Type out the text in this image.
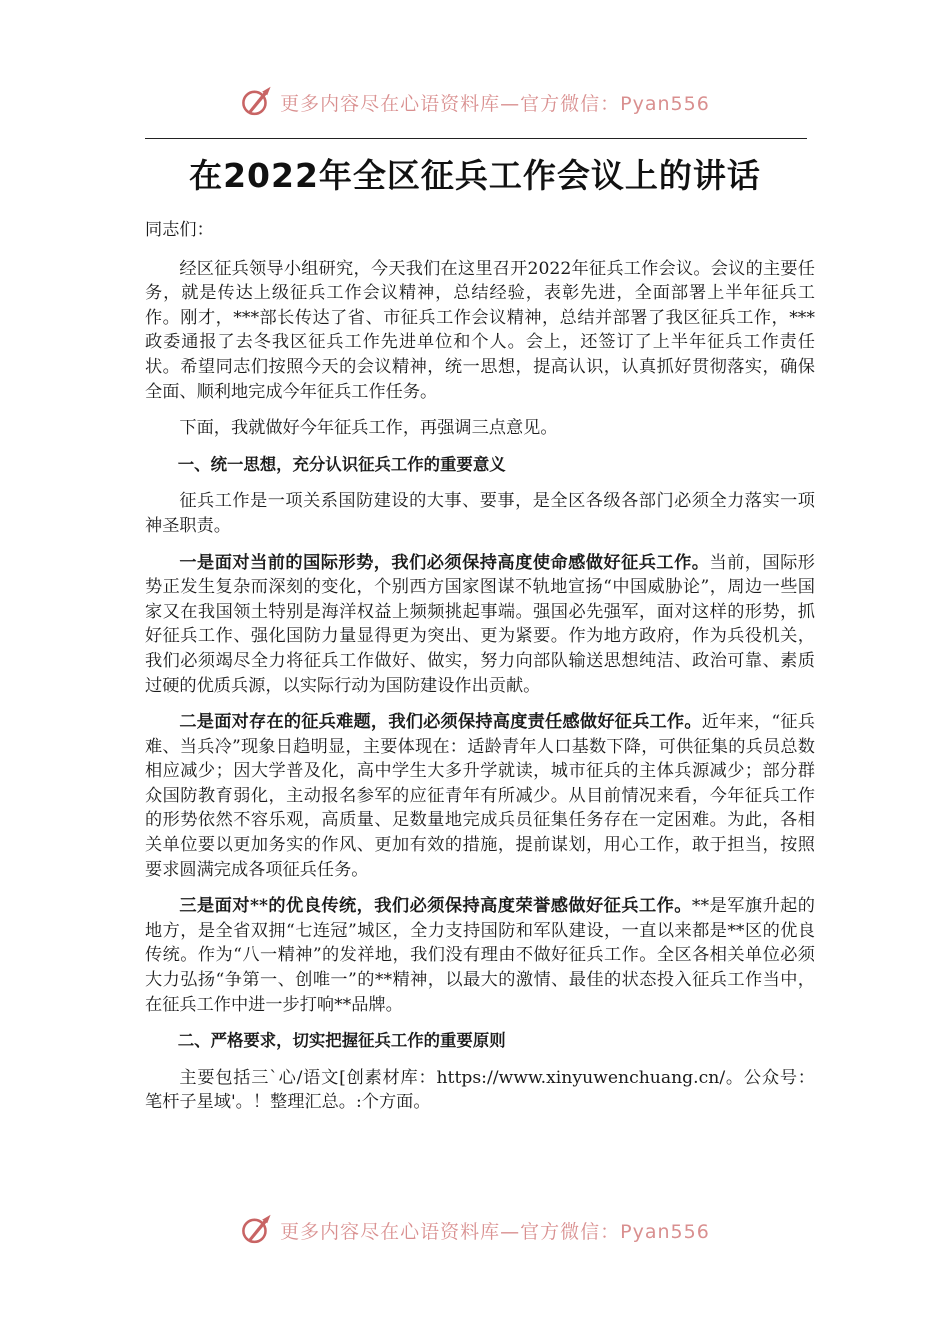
更多内容尽在心语资料库—官方微信：Pyan556
在2022年全区征兵工作会议上的讲话

同志们：

经区征兵领导小组研究，今天我们在这里召开2022年征兵工作会议。会议的主要任务，就是传达上级征兵工作会议精神，总结经验，表彰先进，全面部署上半年征兵工作。刚才，***部长传达了省、市征兵工作会议精神，总结并部署了我区征兵工作，***政委通报了去冬我区征兵工作先进单位和个人。会上，还签订了上半年征兵工作责任状。希望同志们按照今天的会议精神，统一思想，提高认识，认真抓好贯彻落实，确保全面、顺利地完成今年征兵工作任务。

下面，我就做好今年征兵工作，再强调三点意见。

一、统一思想，充分认识征兵工作的重要意义

征兵工作是一项关系国防建设的大事、要事，是全区各级各部门必须全力落实一项神圣职责。

一是面对当前的国际形势，我们必须保持高度使命感做好征兵工作。当前，国际形势正发生复杂而深刻的变化，个别西方国家图谋不轨地宣扬“中国威胁论”，周边一些国家又在我国领土特别是海洋权益上频频挑起事端。强国必先强军，面对这样的形势，抓好征兵工作、强化国防力量显得更为突出、更为紧要。作为地方政府，作为兵役机关，我们必须竭尽全力将征兵工作做好、做实，努力向部队输送思想纯洁、政治可靠、素质过硬的优质兵源，以实际行动为国防建设作出贡献。

二是面对存在的征兵难题，我们必须保持高度责任感做好征兵工作。近年来，“征兵难、当兵冷”现象日趋明显，主要体现在：适龄青年人口基数下降，可供征集的兵员总数相应减少；因大学普及化，高中学生大多升学就读，城市征兵的主体兵源减少；部分群众国防教育弱化，主动报名参军的应征青年有所减少。从目前情况来看，今年征兵工作的形势依然不容乐观，高质量、足数量地完成兵员征集任务存在一定困难。为此，各相关单位要以更加务实的作风、更加有效的措施，提前谋划，用心工作，敢于担当，按照要求圆满完成各项征兵任务。

三是面对**的优良传统，我们必须保持高度荣誉感做好征兵工作。**是军旗升起的地方，是全省双拥“七连冠”城区，全力支持国防和军队建设，一直以来都是**区的优良传统。作为“八一精神”的发祥地，我们没有理由不做好征兵工作。全区各相关单位必须大力弘扬“争第一、创唯一”的**精神，以最大的激情、最佳的状态投入征兵工作当中，在征兵工作中进一步打响**品牌。

二、严格要求，切实把握征兵工作的重要原则

主要包括三`心/语文[创素材库：https://www.xinyuwenchuang.cn/。公众号：笔杆子星域'。！整理汇总。:个方面。

更多内容尽在心语资料库—官方微信：Pyan556
